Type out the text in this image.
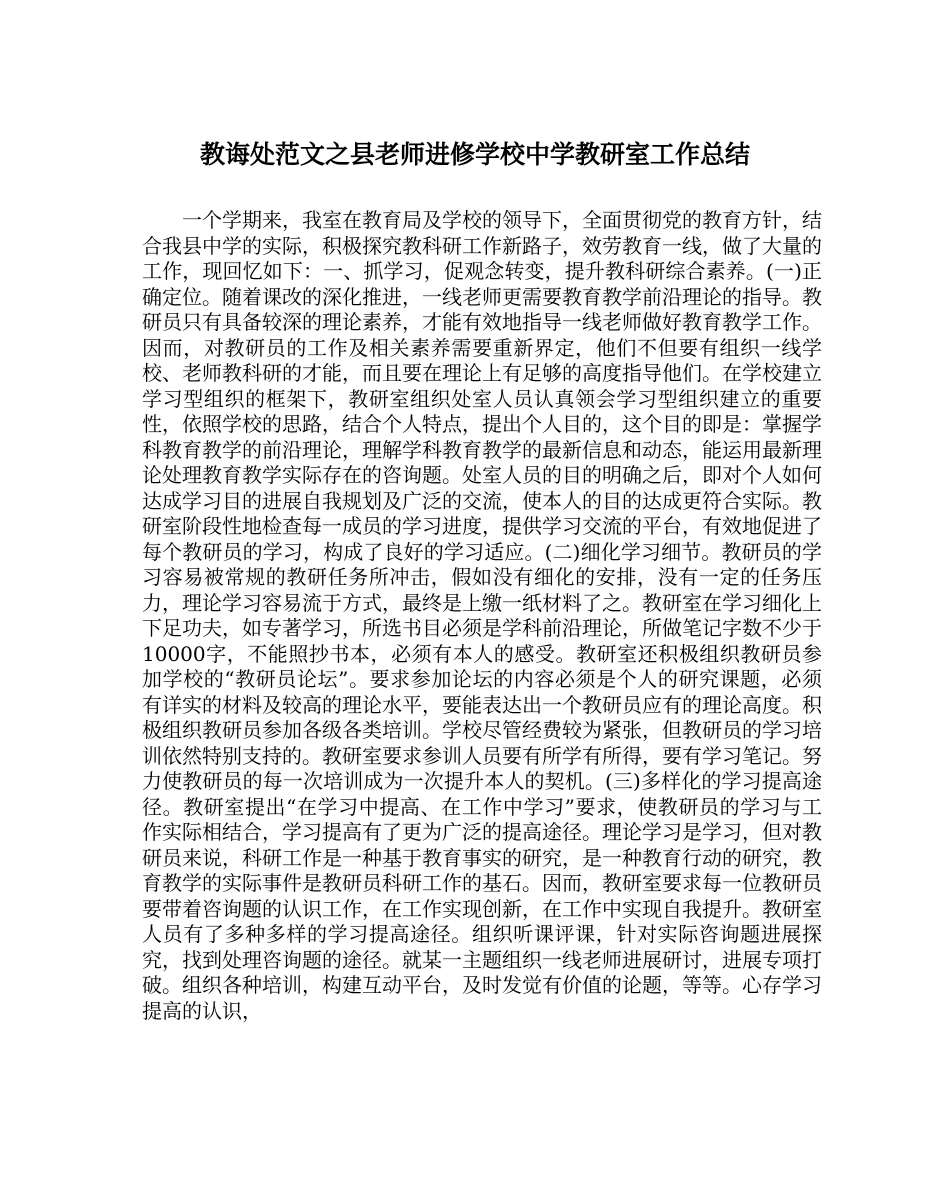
教诲处范文之县老师进修学校中学教研室工作总结

一个学期来，我室在教育局及学校的领导下，全面贯彻党的教育方针，结合我县中学的实际，积极探究教科研工作新路子，效劳教育一线，做了大量的工作，现回忆如下：一、抓学习，促观念转变，提升教科研综合素养。(一)正确定位。随着课改的深化推进，一线老师更需要教育教学前沿理论的指导。教研员只有具备较深的理论素养，才能有效地指导一线老师做好教育教学工作。因而，对教研员的工作及相关素养需要重新界定，他们不但要有组织一线学校、老师教科研的才能，而且要在理论上有足够的高度指导他们。在学校建立学习型组织的框架下，教研室组织处室人员认真领会学习型组织建立的重要性，依照学校的思路，结合个人特点，提出个人目的，这个目的即是：掌握学科教育教学的前沿理论，理解学科教育教学的最新信息和动态，能运用最新理论处理教育教学实际存在的咨询题。处室人员的目的明确之后，即对个人如何达成学习目的进展自我规划及广泛的交流，使本人的目的达成更符合实际。教研室阶段性地检查每一成员的学习进度，提供学习交流的平台，有效地促进了每个教研员的学习，构成了良好的学习适应。(二)细化学习细节。教研员的学习容易被常规的教研任务所冲击，假如没有细化的安排，没有一定的任务压力，理论学习容易流于方式，最终是上缴一纸材料了之。教研室在学习细化上下足功夫，如专著学习，所选书目必须是学科前沿理论，所做笔记字数不少于10000字，不能照抄书本，必须有本人的感受。教研室还积极组织教研员参加学校的“教研员论坛”。要求参加论坛的内容必须是个人的研究课题，必须有详实的材料及较高的理论水平，要能表达出一个教研员应有的理论高度。积极组织教研员参加各级各类培训。学校尽管经费较为紧张，但教研员的学习培训依然特别支持的。教研室要求参训人员要有所学有所得，要有学习笔记。努力使教研员的每一次培训成为一次提升本人的契机。(三)多样化的学习提高途径。教研室提出“在学习中提高、在工作中学习”要求，使教研员的学习与工作实际相结合，学习提高有了更为广泛的提高途径。理论学习是学习，但对教研员来说，科研工作是一种基于教育事实的研究，是一种教育行动的研究，教育教学的实际事件是教研员科研工作的基石。因而，教研室要求每一位教研员要带着咨询题的认识工作，在工作实现创新，在工作中实现自我提升。教研室人员有了多种多样的学习提高途径。组织听课评课，针对实际咨询题进展探究，找到处理咨询题的途径。就某一主题组织一线老师进展研讨，进展专项打破。组织各种培训，构建互动平台，及时发觉有价值的论题，等等。心存学习提高的认识，
